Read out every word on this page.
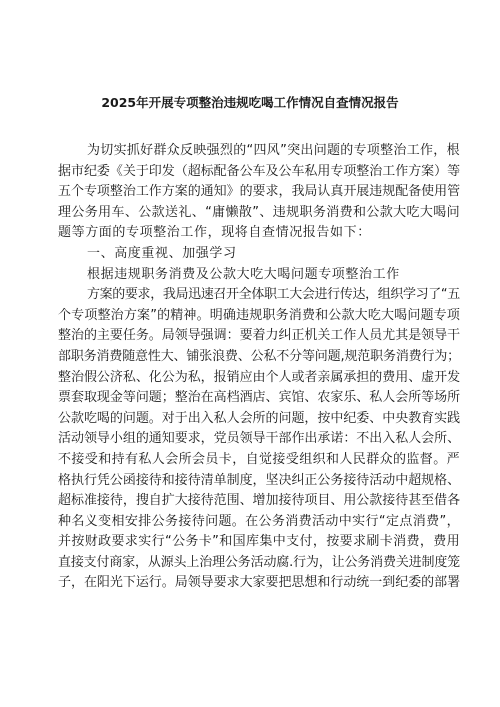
2025年开展专项整治违规吃喝工作情况自查情况报告
为切实抓好群众反映强烈的“四风”突出问题的专项整治工作，根
据市纪委《关于印发（超标配备公车及公车私用专项整治工作方案）等
五个专项整治工作方案的通知》的要求，我局认真开展违规配备使用管
理公务用车、公款送礼、“庸懒散”、违规职务消费和公款大吃大喝问
题等方面的专项整治工作，现将自查情况报告如下：
一、高度重视、加强学习
根据违规职务消费及公款大吃大喝问题专项整治工作
方案的要求，我局迅速召开全体职工大会进行传达，组织学习了“五
个专项整治方案”的精神。明确违规职务消费和公款大吃大喝问题专项
整治的主要任务。局领导强调：要着力纠正机关工作人员尤其是领导干
部职务消费随意性大、铺张浪费、公私不分等问题,规范职务消费行为；
整治假公济私、化公为私，报销应由个人或者亲属承担的费用、虚开发
票套取现金等问题；整治在高档酒店、宾馆、农家乐、私人会所等场所
公款吃喝的问题。对于出入私人会所的问题，按中纪委、中央教育实践
活动领导小组的通知要求，党员领导干部作出承诺：不出入私人会所、
不接受和持有私人会所会员卡，自觉接受组织和人民群众的监督。严
格执行凭公函接待和接待清单制度，坚决纠正公务接待活动中超规格、
超标准接待，搜自扩大接待范围、增加接待项目、用公款接待甚至借各
种名义变相安排公务接待问题。在公务消费活动中实行“定点消费”，
并按财政要求实行“公务卡”和国库集中支付，按要求刷卡消费，费用
直接支付商家，从源头上治理公务活动腐.行为，让公务消费关进制度笼
子，在阳光下运行。局领导要求大家要把思想和行动统一到纪委的部署
